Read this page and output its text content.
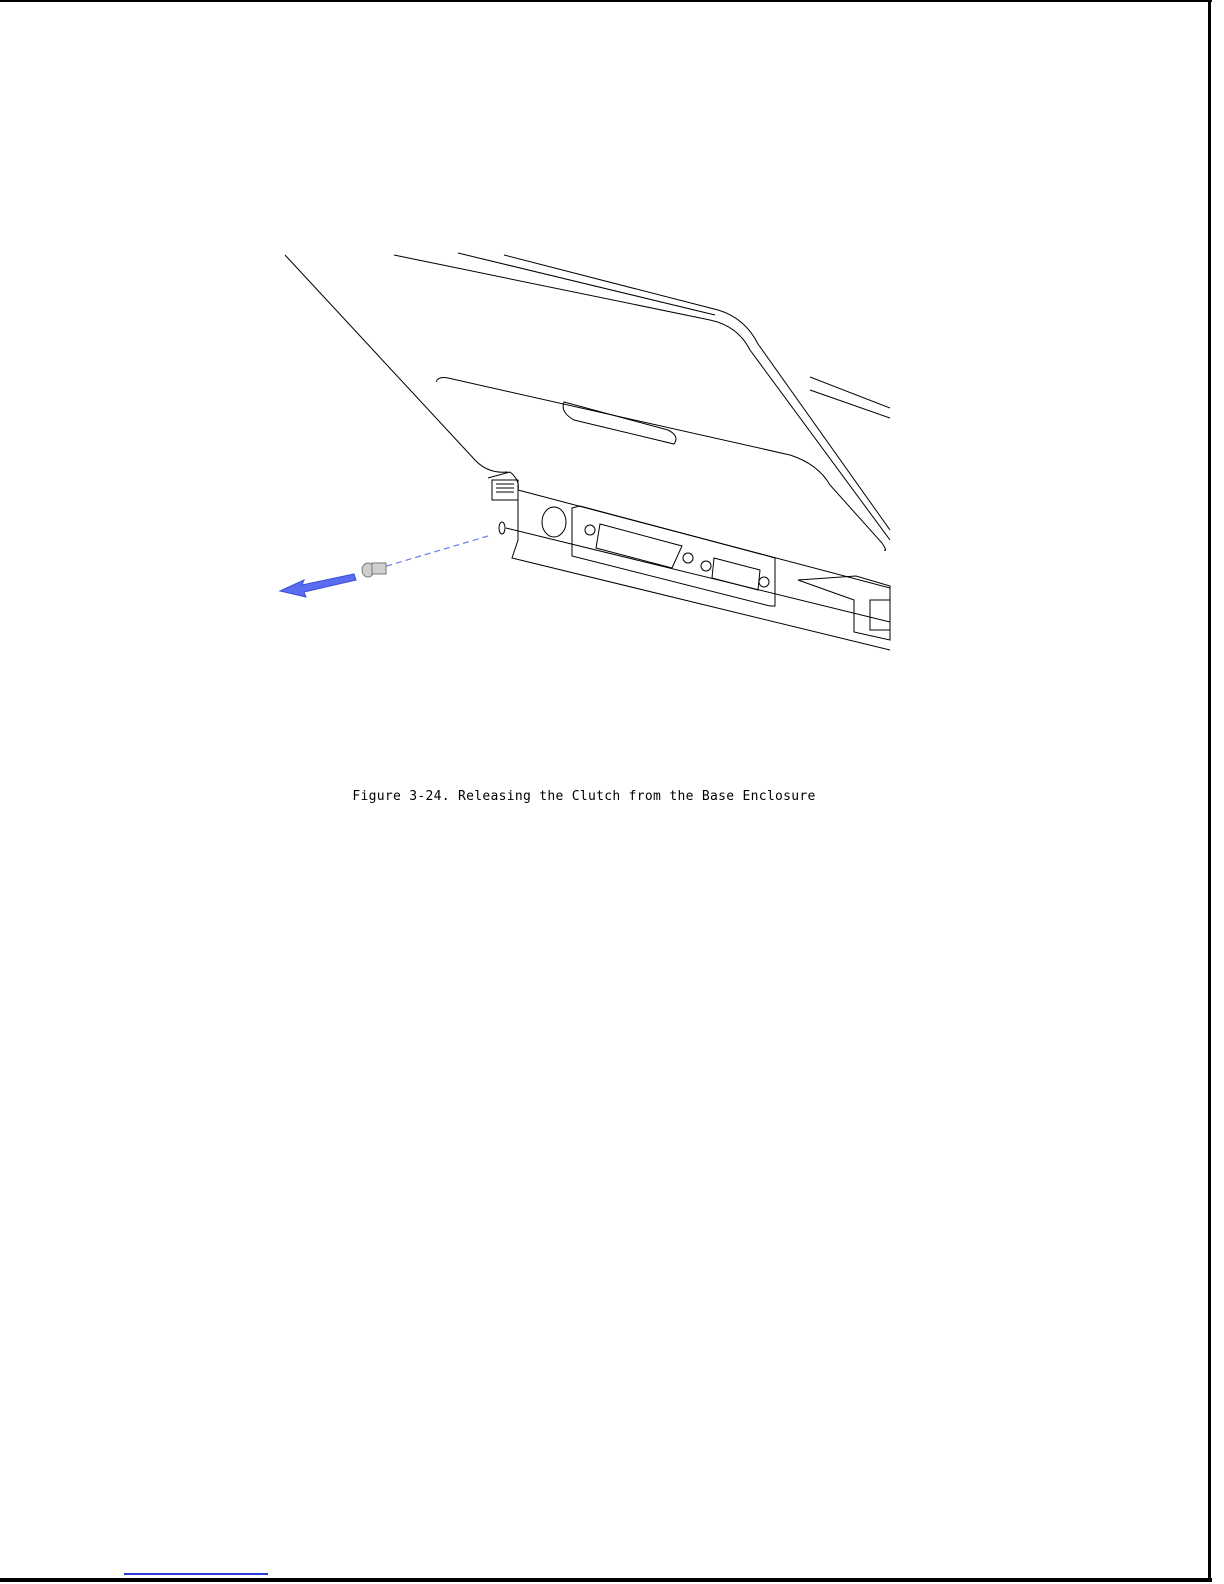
Figure 3-24. Releasing the Clutch from the Base Enclosure
